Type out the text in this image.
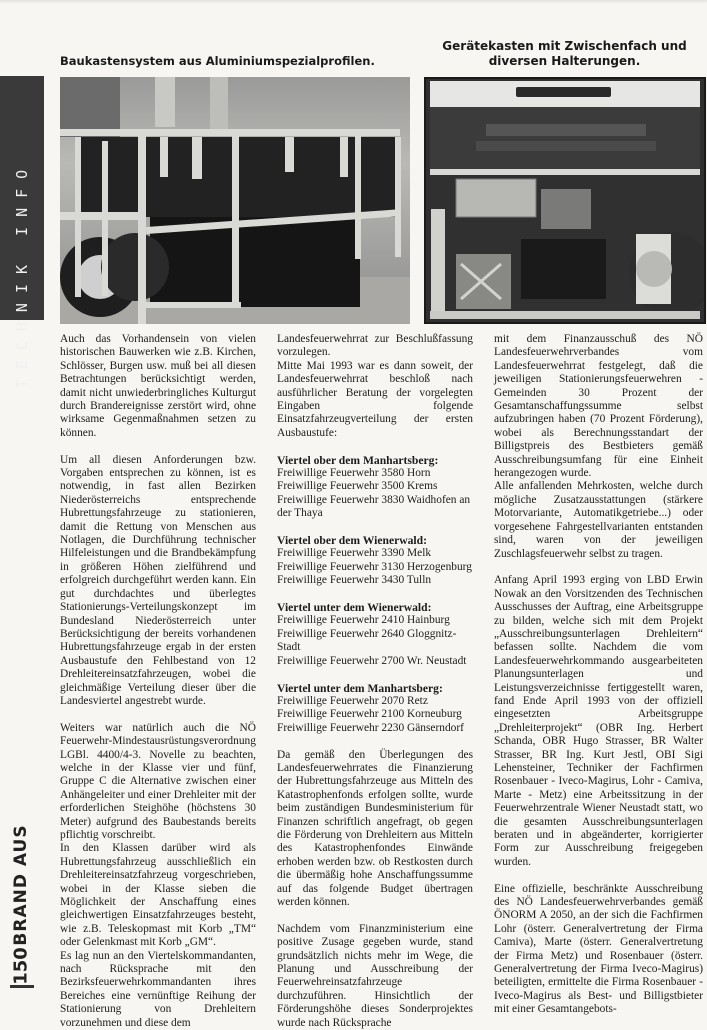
TECHNIK INFO
Baukastensystem aus Aluminiumspezialprofilen.
Gerätekasten mit Zwischenfach und diversen Halterungen.

Auch das Vorhandensein von vielen historischen Bauwerken wie z.B. Kirchen, Schlösser, Burgen usw. muß bei all diesen Betrachtungen berücksichtigt werden, damit nicht unwiederbringliches Kulturgut durch Brandereignisse zerstört wird, ohne wirksame Gegenmaßnahmen setzen zu können.

Um all diesen Anforderungen bzw. Vorgaben entsprechen zu können, ist es notwendig, in fast allen Bezirken Niederösterreichs entsprechende Hubrettungsfahrzeuge zu stationieren, damit die Rettung von Menschen aus Notlagen, die Durchführung technischer Hilfeleistungen und die Brandbekämpfung in größeren Höhen zielführend und erfolgreich durchgeführt werden kann. Ein gut durchdachtes und überlegtes Stationierungs-Verteilungskonzept im Bundesland Niederösterreich unter Berücksichtigung der bereits vorhandenen Hubrettungsfahrzeuge ergab in der ersten Ausbaustufe den Fehlbestand von 12 Drehleitereinsatzfahrzeugen, wobei die gleichmäßige Verteilung dieser über die Landesviertel angestrebt wurde.

Weiters war natürlich auch die NÖ Feuerwehr-Mindestausrüstungsverordnung LGBl. 4400/4-3. Novelle zu beachten, welche in der Klasse vier und fünf, Gruppe C die Alternative zwischen einer Anhängeleiter und einer Drehleiter mit der erforderlichen Steighöhe (höchstens 30 Meter) aufgrund des Baubestands bereits pflichtig vorschreibt.

In den Klassen darüber wird als Hubrettungsfahrzeug ausschließlich ein Drehleitereinsatzfahrzeug vorgeschrieben, wobei in der Klasse sieben die Möglichkeit der Anschaffung eines gleichwertigen Einsatzfahrzeuges besteht, wie z.B. Teleskopmast mit Korb „TM“ oder Gelenkmast mit Korb „GM“.

Es lag nun an den Viertelskommandanten, nach Rücksprache mit den Bezirksfeuerwehrkommandanten ihres Bereiches eine vernünftige Reihung der Stationierung von Drehleitern vorzunehmen und diese dem

Landesfeuerwehrrat zur Beschlußfassung vorzulegen.

Mitte Mai 1993 war es dann soweit, der Landesfeuerwehrrat beschloß nach ausführlicher Beratung der vorgelegten Eingaben folgende Einsatzfahrzeugverteilung der ersten Ausbaustufe:

Viertel ober dem Manhartsberg:
Freiwillige Feuerwehr 3580 Horn
Freiwillige Feuerwehr 3500 Krems
Freiwillige Feuerwehr 3830 Waidhofen an der Thaya
Viertel ober dem Wienerwald:
Freiwillige Feuerwehr 3390 Melk
Freiwillige Feuerwehr 3130 Herzogenburg
Freiwillige Feuerwehr 3430 Tulln
Viertel unter dem Wienerwald:
Freiwillige Feuerwehr 2410 Hainburg
Freiwillige Feuerwehr 2640 Gloggnitz-Stadt
Freiwillige Feuerwehr 2700 Wr. Neustadt
Viertel unter dem Manhartsberg:
Freiwillige Feuerwehr 2070 Retz
Freiwillige Feuerwehr 2100 Korneuburg
Freiwillige Feuerwehr 2230 Gänserndorf

Da gemäß den Überlegungen des Landesfeuerwehrrates die Finanzierung der Hubrettungsfahrzeuge aus Mitteln des Katastrophenfonds erfolgen sollte, wurde beim zuständigen Bundesministerium für Finanzen schriftlich angefragt, ob gegen die Förderung von Drehleitern aus Mitteln des Katastrophenfondes Einwände erhoben werden bzw. ob Restkosten durch die übermäßig hohe Anschaffungssumme auf das folgende Budget übertragen werden können.

Nachdem vom Finanzministerium eine positive Zusage gegeben wurde, stand grundsätzlich nichts mehr im Wege, die Planung und Ausschreibung der Feuerwehreinsatzfahrzeuge durchzuführen. Hinsichtlich der Förderungshöhe dieses Sonderprojektes wurde nach Rücksprache

mit dem Finanzausschuß des NÖ Landesfeuerwehrverbandes vom Landesfeuerwehrrat festgelegt, daß die jeweiligen Stationierungsfeuerwehren - Gemeinden 30 Prozent der Gesamtanschaffungssumme selbst aufzubringen haben (70 Prozent Förderung), wobei als Berechnungsstandart der Billigstpreis des Bestbieters gemäß Ausschreibungsumfang für eine Einheit herangezogen wurde.

Alle anfallenden Mehrkosten, welche durch mögliche Zusatzausstattungen (stärkere Motorvariante, Automatikgetriebe...) oder vorgesehene Fahrgestellvarianten entstanden sind, waren von der jeweiligen Zuschlagsfeuerwehr selbst zu tragen.

Anfang April 1993 erging von LBD Erwin Nowak an den Vorsitzenden des Technischen Ausschusses der Auftrag, eine Arbeitsgruppe zu bilden, welche sich mit dem Projekt „Ausschreibungsunterlagen Drehleitern“ befassen sollte. Nachdem die vom Landesfeuerwehrkommando ausgearbeiteten Planungsunterlagen und Leistungsverzeichnisse fertiggestellt waren, fand Ende April 1993 von der offiziell eingesetzten Arbeitsgruppe „Drehleiterprojekt“ (OBR Ing. Herbert Schanda, OBR Hugo Strasser, BR Walter Strasser, BR Ing. Kurt Jestl, OBI Sigi Lehensteiner, Techniker der Fachfirmen Rosenbauer - Iveco-Magirus, Lohr - Camiva, Marte - Metz) eine Arbeitssitzung in der Feuerwehrzentrale Wiener Neustadt statt, wo die gesamten Ausschreibungsunterlagen beraten und in abgeänderter, korrigierter Form zur Ausschreibung freigegeben wurden.

Eine offizielle, beschränkte Ausschreibung des NÖ Landesfeuerwehrverbandes gemäß ÖNORM A 2050, an der sich die Fachfirmen Lohr (österr. Generalvertretung der Firma Camiva), Marte (österr. Generalvertretung der Firma Metz) und Rosenbauer (österr. Generalvertretung der Firma Iveco-Magirus) beteiligten, ermittelte die Firma Rosenbauer - Iveco-Magirus als Best- und Billigstbieter mit einer Gesamtangebots-

BRAND AUS
150
